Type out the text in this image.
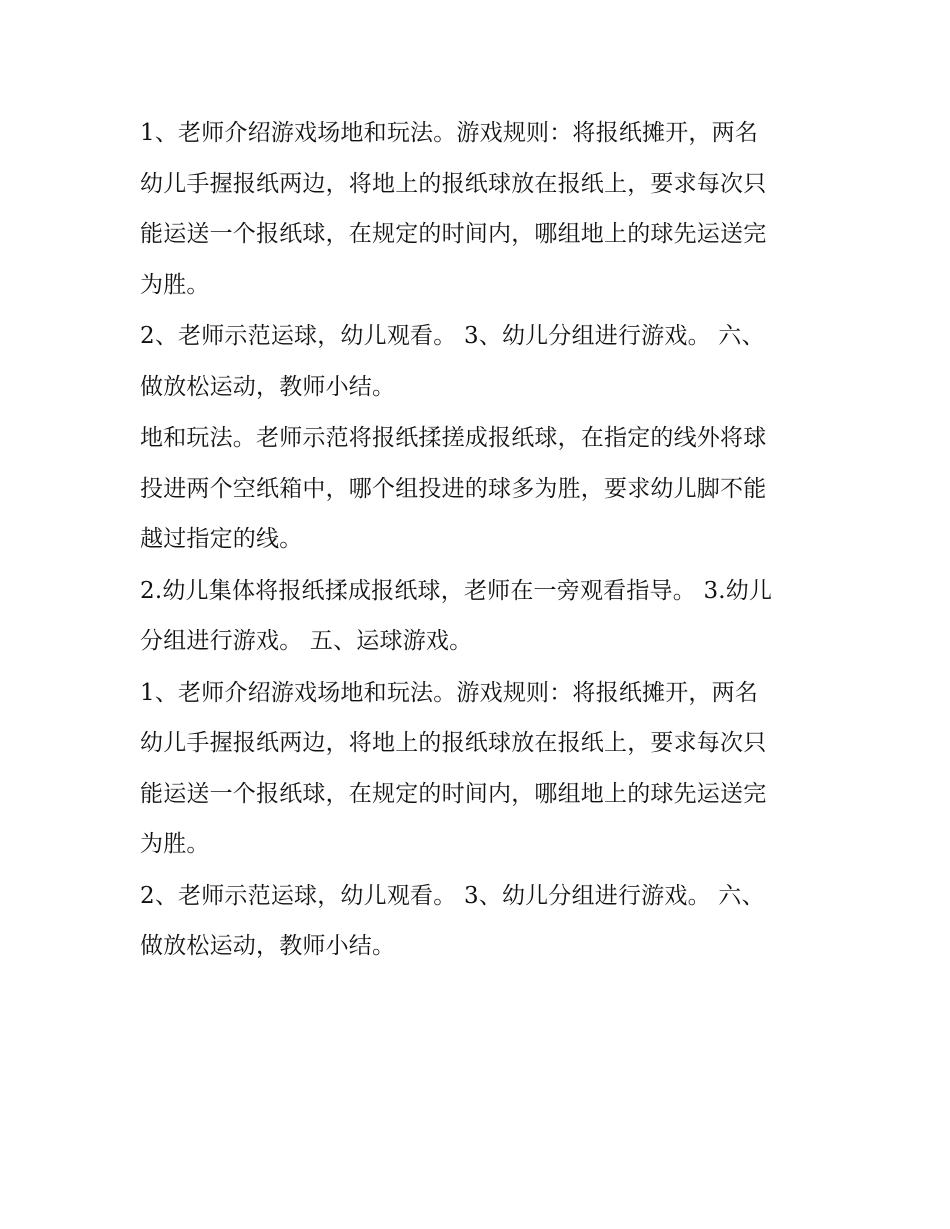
1、老师介绍游戏场地和玩法。游戏规则：将报纸摊开，两名
幼儿手握报纸两边，将地上的报纸球放在报纸上，要求每次只
能运送一个报纸球，在规定的时间内，哪组地上的球先运送完
为胜。

2、老师示范运球，幼儿观看。 3、幼儿分组进行游戏。 六、
做放松运动，教师小结。

地和玩法。老师示范将报纸揉搓成报纸球，在指定的线外将球
投进两个空纸箱中，哪个组投进的球多为胜，要求幼儿脚不能
越过指定的线。

2.幼儿集体将报纸揉成报纸球，老师在一旁观看指导。 3.幼儿
分组进行游戏。 五、运球游戏。

1、老师介绍游戏场地和玩法。游戏规则：将报纸摊开，两名
幼儿手握报纸两边，将地上的报纸球放在报纸上，要求每次只
能运送一个报纸球，在规定的时间内，哪组地上的球先运送完
为胜。

2、老师示范运球，幼儿观看。 3、幼儿分组进行游戏。 六、
做放松运动，教师小结。
